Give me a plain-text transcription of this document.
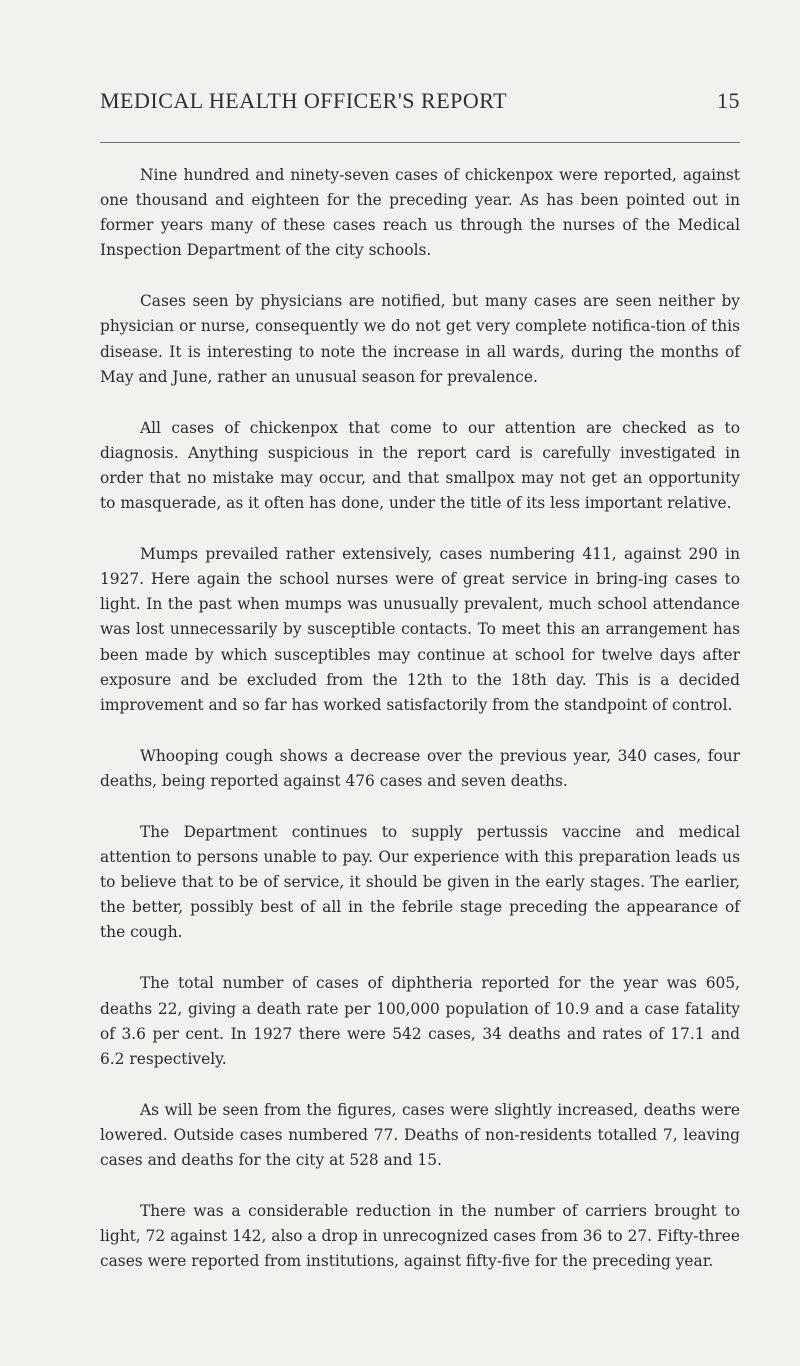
MEDICAL HEALTH OFFICER'S REPORT	15

Nine hundred and ninety-seven cases of chickenpox were reported, against one thousand and eighteen for the preceding year. As has been pointed out in former years many of these cases reach us through the nurses of the Medical Inspection Department of the city schools.

Cases seen by physicians are notified, but many cases are seen neither by physician or nurse, consequently we do not get very complete notifica-tion of this disease. It is interesting to note the increase in all wards, during the months of May and June, rather an unusual season for prevalence.

All cases of chickenpox that come to our attention are checked as to diagnosis. Anything suspicious in the report card is carefully investigated in order that no mistake may occur, and that smallpox may not get an opportunity to masquerade, as it often has done, under the title of its less important relative.

Mumps prevailed rather extensively, cases numbering 411, against 290 in 1927. Here again the school nurses were of great service in bring-ing cases to light. In the past when mumps was unusually prevalent, much school attendance was lost unnecessarily by susceptible contacts. To meet this an arrangement has been made by which susceptibles may continue at school for twelve days after exposure and be excluded from the 12th to the 18th day. This is a decided improvement and so far has worked satisfactorily from the standpoint of control.

Whooping cough shows a decrease over the previous year, 340 cases, four deaths, being reported against 476 cases and seven deaths.

The Department continues to supply pertussis vaccine and medical attention to persons unable to pay. Our experience with this preparation leads us to believe that to be of service, it should be given in the early stages. The earlier, the better, possibly best of all in the febrile stage preceding the appearance of the cough.

The total number of cases of diphtheria reported for the year was 605, deaths 22, giving a death rate per 100,000 population of 10.9 and a case fatality of 3.6 per cent. In 1927 there were 542 cases, 34 deaths and rates of 17.1 and 6.2 respectively.

As will be seen from the figures, cases were slightly increased, deaths were lowered. Outside cases numbered 77. Deaths of non-residents totalled 7, leaving cases and deaths for the city at 528 and 15.

There was a considerable reduction in the number of carriers brought to light, 72 against 142, also a drop in unrecognized cases from 36 to 27. Fifty-three cases were reported from institutions, against fifty-five for the preceding year.
